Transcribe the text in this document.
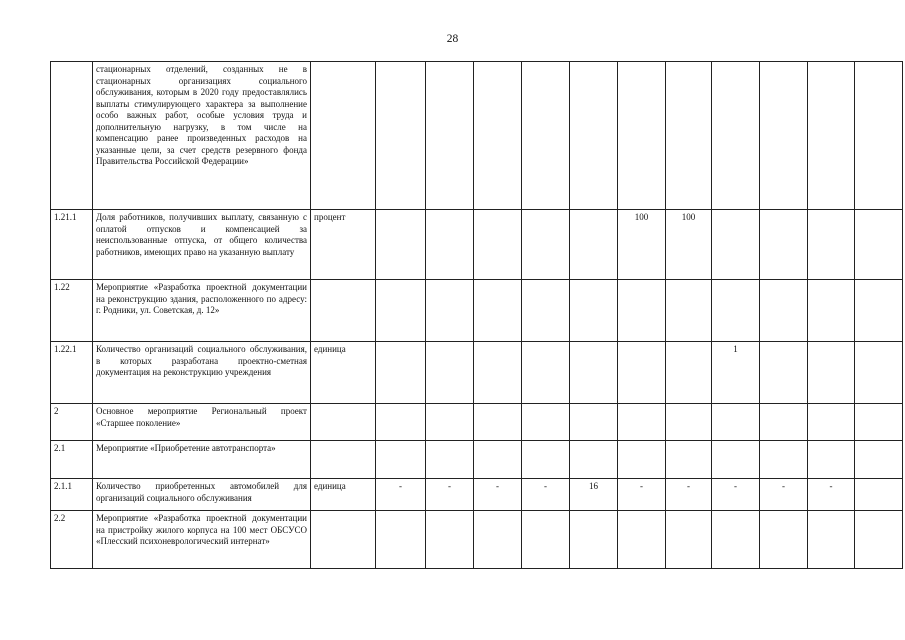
28
	стационарных отделений, созданных не в стационарных организациях социального обслуживания, которым в 2020 году предоставлялись выплаты стимулирующего характера за выполнение особо важных работ, особые условия труда и дополнительную нагрузку, в том числе на компенсацию ранее произведенных расходов на указанные цели, за счет средств резервного фонда Правительства Российской Федерации»												
1.21.1	Доля работников, получивших выплату, связанную с оплатой отпусков и компенсацией за неиспользованные отпуска, от общего количества работников, имеющих право на указанную выплату	процент						100	100				
1.22	Мероприятие «Разработка проектной документации на реконструкцию здания, расположенного по адресу: г. Родники, ул. Советская, д. 12»												
1.22.1	Количество организаций социального обслуживания, в которых разработана проектно-сметная документация на реконструкцию учреждения	единица								1			
2	Основное мероприятие Региональный проект «Старшее поколение»												
2.1	Мероприятие «Приобретение автотранспорта»												
2.1.1	Количество приобретенных автомобилей для организаций социального обслуживания	единица	-	-	-	-	16	-	-	-	-	-	
2.2	Мероприятие «Разработка проектной документации на пристройку жилого корпуса на 100 мест ОБСУСО «Плесский психоневрологический интернат»												
